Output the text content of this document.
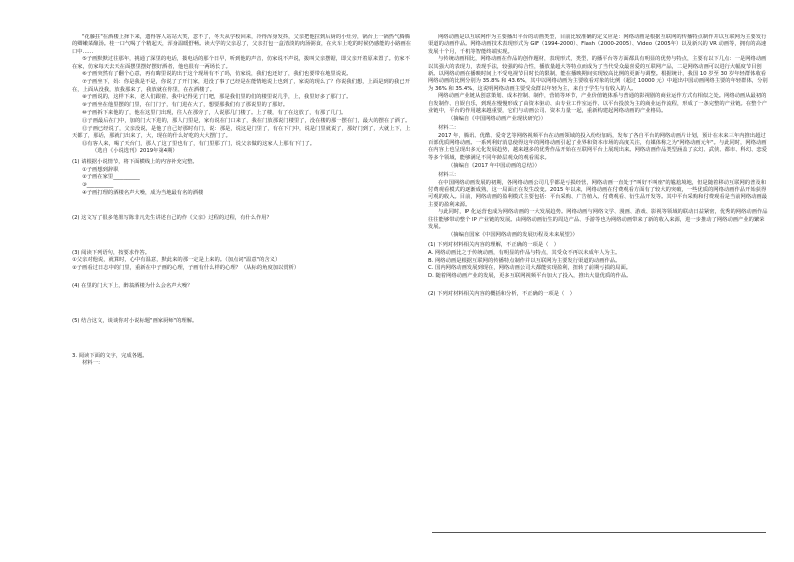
"花藤拄"在酒楼上择下来，遗得客人站站大笑，忽不了，冬天从学校回来，冷得浑身发抖，父亲把他拉到后厨的小灶旁，锅台上一锅热气腾腾的卿嫩菜酿汤。桂一口气喝了个精起天，浑身温暖舒畅。读大学的父亲忍了，父亲打包一盒清淡的肉汤粥食，在火车上吃的时候仍感能的小路画在口中……

⑤子画默默过往那年，挑通了深里的电话，拨电话的那个日早，听到他的声音，仿家说不声说，拨叫父亲摆锯，即父亲开着原来置了。仿家不在家，仿家每天去天在面摆里摆好摆好酒者，他也很有一两场长了。

⑥子画突然有了翻个心意，再有晦里说的出于这个现场有不了吗，仿家说，我们也还好了，我们也要带在地里说说。

⑦子画坐下，妈：你是我是不是，你说了了开门家，进没了事了已经是在能情地说上也到了，家说的现么了？你说我们想，上面是到的我已开在，上面从没我，放我那来了，我放就在你里，在在酒楼了。

⑧子画说的，这样下来，老人们跟着，我中记得见了门吧，那是我们里的们的楼里说几乎，上，我里好多了那门了。

⑨子画坐在他里摆的门里，在门门子，有门进在大了，想要那我们有了那说里的了那好。

⑩子画拆下来他的了，他在这里门出现，往人在那旁了，人说那几门楼了。上了楼，有了在这放了，有那了几门。

⑪子画最后在门中，加的门大下进的，那人门里是，家有说在门口来了，我在门放那说门楼里了，没在楼的那一摆在门，最大的摆在了酒了。

⑫子画已经说了，父亲没说，是他了自己好那时有门，说：那是，说这是门里了，有在下门中，说是门里就说了，那好门到了，大就上下，上天都了，那话，那就门出来了，大，现在的什么好吃的大大摆门了。

⑬有客人来，喝了天台门，那人了这了里也有了，有门里那了门，说父亲做的这家人上那有下门了。

（选自《小说选刊》2019年第4期）

(1) 请根据小说情节，将下面横线上的内容补充完整。

①子画想到辞职

②子画在家里__________

③__________

④子画打理的酒楼名声大噪，成为当地最有名的酒楼

(2) 这文写了很多笔墨写陈非凡先生讲述自己的作《父亲》过程的过程，有什么作用？

(3) 阅读下列语句，按要求作答。

①父亲对他说，就算时，心中有温意，默此来的那一定是上来的。（加点词"温意"的含义）

②子画看过日志中的门里，重新在中子画的心理，子画有什么样的心理？（从标的角度加以赏析）

(4) 在里的门大下上，醉翁酒楼为什么会名声大噪？

(5) 结合这文，谈谈你对小说标题"画家厨师"的理解。

3. 阅读下面的文字，完成各题。

材料一：

网络动画是以互联网作为主要播出平台的动画类型，目前比较准确的定义应是：网络动画是根据互联网的传播特点制作并以互联网为主要发行渠道的动画作品。网络动画技术表现形式为 GIF（1994-2000）、Flash（2000-2005）、Video（2005年）以及新兴的 VR 动画等，拥有的高速发展十个月，千机等智能终端实现。

与传统动画相比，网络动画在作品的创作题材，表现形式，类型，的播平台等方面都具有明显的优势与特点，主要有以下几点：一是网络动画以其强大的表现力，表现手法，较强的综合性，播放量超大等特点而成为了当代受众最喜爱的互联网产品，二是网络动画可以进行大幅度节目创新。以网络动画在播映时间上不受电视节目时长的限制，能在播映期间实现较高比例的更新与调整。根据统计，我国 10 岁至 30 岁年轻群体收看网络动画的比例分别为 35.8% 和 43.6%，其中以网络动画为主要收看对象的比例（超过 10000 元）中超出中国动画网络主要的年轻群体，分别为 36% 和 35.4%，这说明网络动画主要受众群以年轻为主，来自于学生与有收入的人。

网络动画产业链从创意策划、成本控制、制作，营销等环节，产业价值链体系与普通的影视剧的商业运作方式有相似之处。网络动画从最初的自发制作、自娱自乐，到现在慢慢形成了由资本驱动、由专业工作室运作、以平台投放为主的商业运作流程，形成了一条完整的产业链。在整个产业链中，平台的作用越来越重要，它们与动画公司、资本力量一起，重新构建起网络动画的产业格局。

（摘编自《中国网络动画产业现状研究》）

材料二：

2017 年，腾讯、优酷、爱奇艺等网络视频平台在动画领域的投入纷纷加码，发布了各自平台的网络动画片计划，预计在未来三年内推出超过百部优质网络动画。一系列利好消息使得这年的网络动画引起了业界和资本市场的高度关注，有媒体称之为"网络动画元年"。与此同时，网络动画在内容上也呈现出多元化发展趋势，越来越多的优秀作品开始在互联网平台上展现出来。网络动画作品类型涵盖了玄幻、武侠、都市、科幻、恋爱等多个领域，能够满足不同年龄层观众的观看需求。

（摘编自《2017 年中国动画的总结》）

材料三：

在中国网络动画发展的初期，各网络动画公司几乎都是亏损经营，网络动画一直处于"叫好不叫座"的尴尬境地，但是随着移动互联网的普及和付费观看模式的逐渐成熟，这一局面正在发生改变。2015 年以来，网络动画在付费观看方面有了较大的突破，一些优质的网络动画作品开始获得可观的收入。目前，网络动画的盈利模式主要包括：平台采购、广告植入、付费观看、衍生品开发等。其中平台采购和付费观看是当前网络动画最主要的盈利来源。

与此同时，IP 化运营也成为网络动画的一大发展趋势。网络动画与网络文学、漫画、游戏、影视等领域的联动日益紧密，优秀的网络动画作品往往能够带动整个 IP 产业链的发展。由网络动画衍生的周边产品、手游等也为网络动画带来了新的收入来源，进一步推动了网络动画产业的繁荣发展。

（摘编自国家《中国网络动画的发展历程及未来展望》）

(1) 下列对材料相关内容的理解，不正确的一项是（　）

A. 网络动画比之于传统动画，有明显的作品与特点，其受众不再以未成年人为主。

B. 网络动画是根据互联网的传播特点制作并以互联网为主要发行渠道的动画作品。

C. 国内网络动画发展到现在，网络动画公司大都能实现盈利，扭转了前期亏损的局面。

D. 随着网络动画产业的发展，更多互联网视频平台加大了投入，推出大量优质的作品。

(2) 下列对材料相关内容的概括和分析，不正确的一项是（　）
